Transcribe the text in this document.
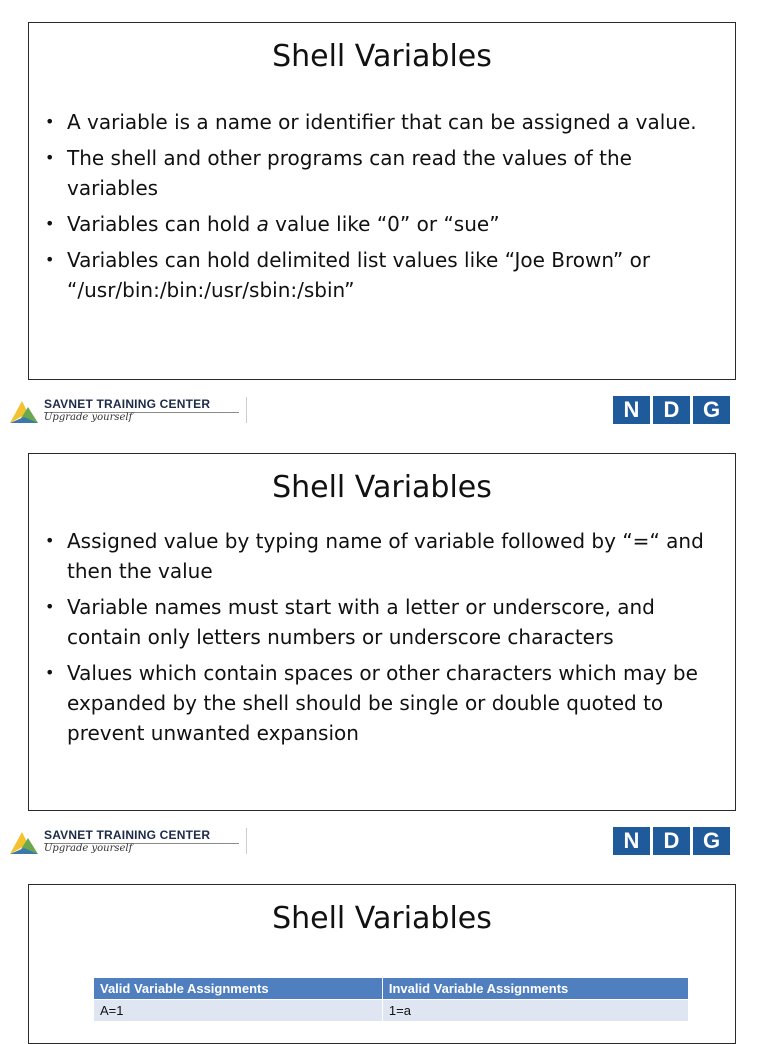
Shell Variables
• A variable is a name or identifier that can be assigned a value.
• The shell and other programs can read the values of the variables
• Variables can hold a value like “0” or “sue”
• Variables can hold delimited list values like “Joe Brown” or “/usr/bin:/bin:/usr/sbin:/sbin”
SAVNET TRAINING CENTER
Upgrade yourself	N	D	G
Shell Variables
• Assigned value by typing name of variable followed by “=“ and then the value
• Variable names must start with a letter or underscore, and contain only letters numbers or underscore characters
• Values which contain spaces or other characters which may be expanded by the shell should be single or double quoted to prevent unwanted expansion
SAVNET TRAINING CENTER
Upgrade yourself	N	D	G
Shell Variables
Valid Variable Assignments	Invalid Variable Assignments
A=1	1=a
